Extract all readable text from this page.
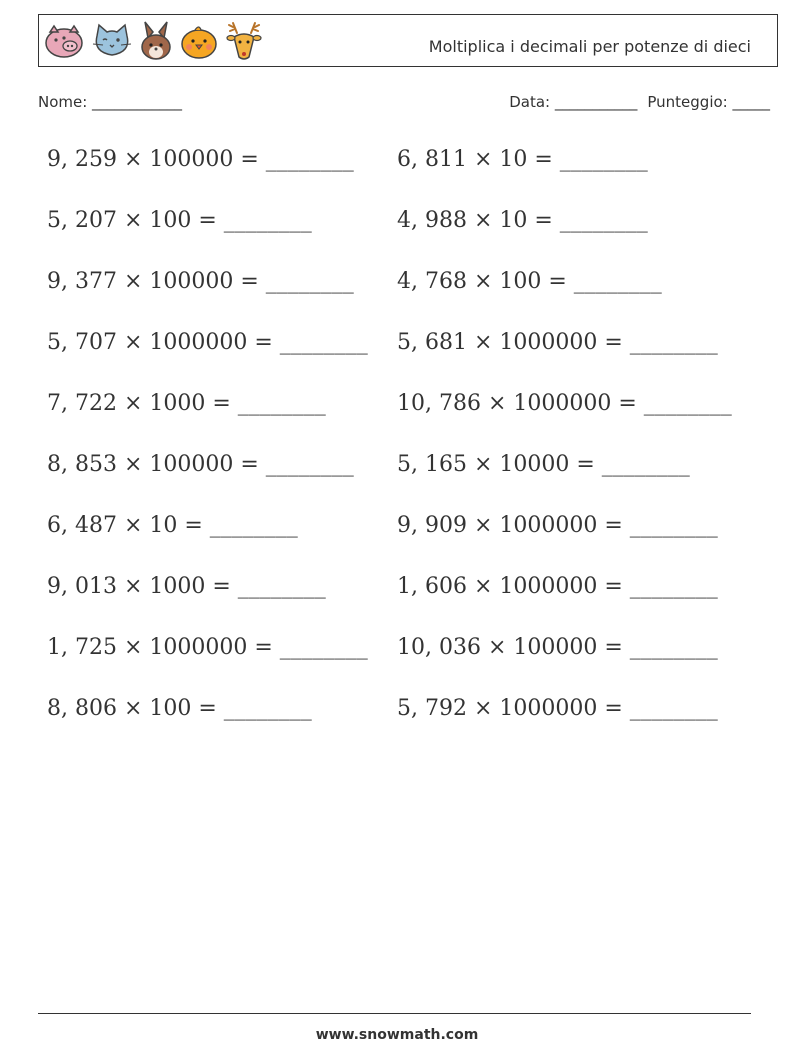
Moltiplica i decimali per potenze di dieci
Nome: ____________	Data: ___________ Punteggio: _____
9, 259 × 100000 = ________ 6, 811 × 10 = ________
5, 207 × 100 = ________	4, 988 × 10 = ________
9, 377 × 100000 = ________ 4, 768 × 100 = ________
5, 707 × 1000000 = ________ 5, 681 × 1000000 = ________
7, 722 × 1000 = ________	10, 786 × 1000000 = ________
8, 853 × 100000 = ________ 5, 165 × 10000 = ________
6, 487 × 10 = ________	9, 909 × 1000000 = ________
9, 013 × 1000 = ________	1, 606 × 1000000 = ________
1, 725 × 1000000 = ________ 10, 036 × 100000 = ________
8, 806 × 100 = ________	5, 792 × 1000000 = ________
www.snowmath.com
